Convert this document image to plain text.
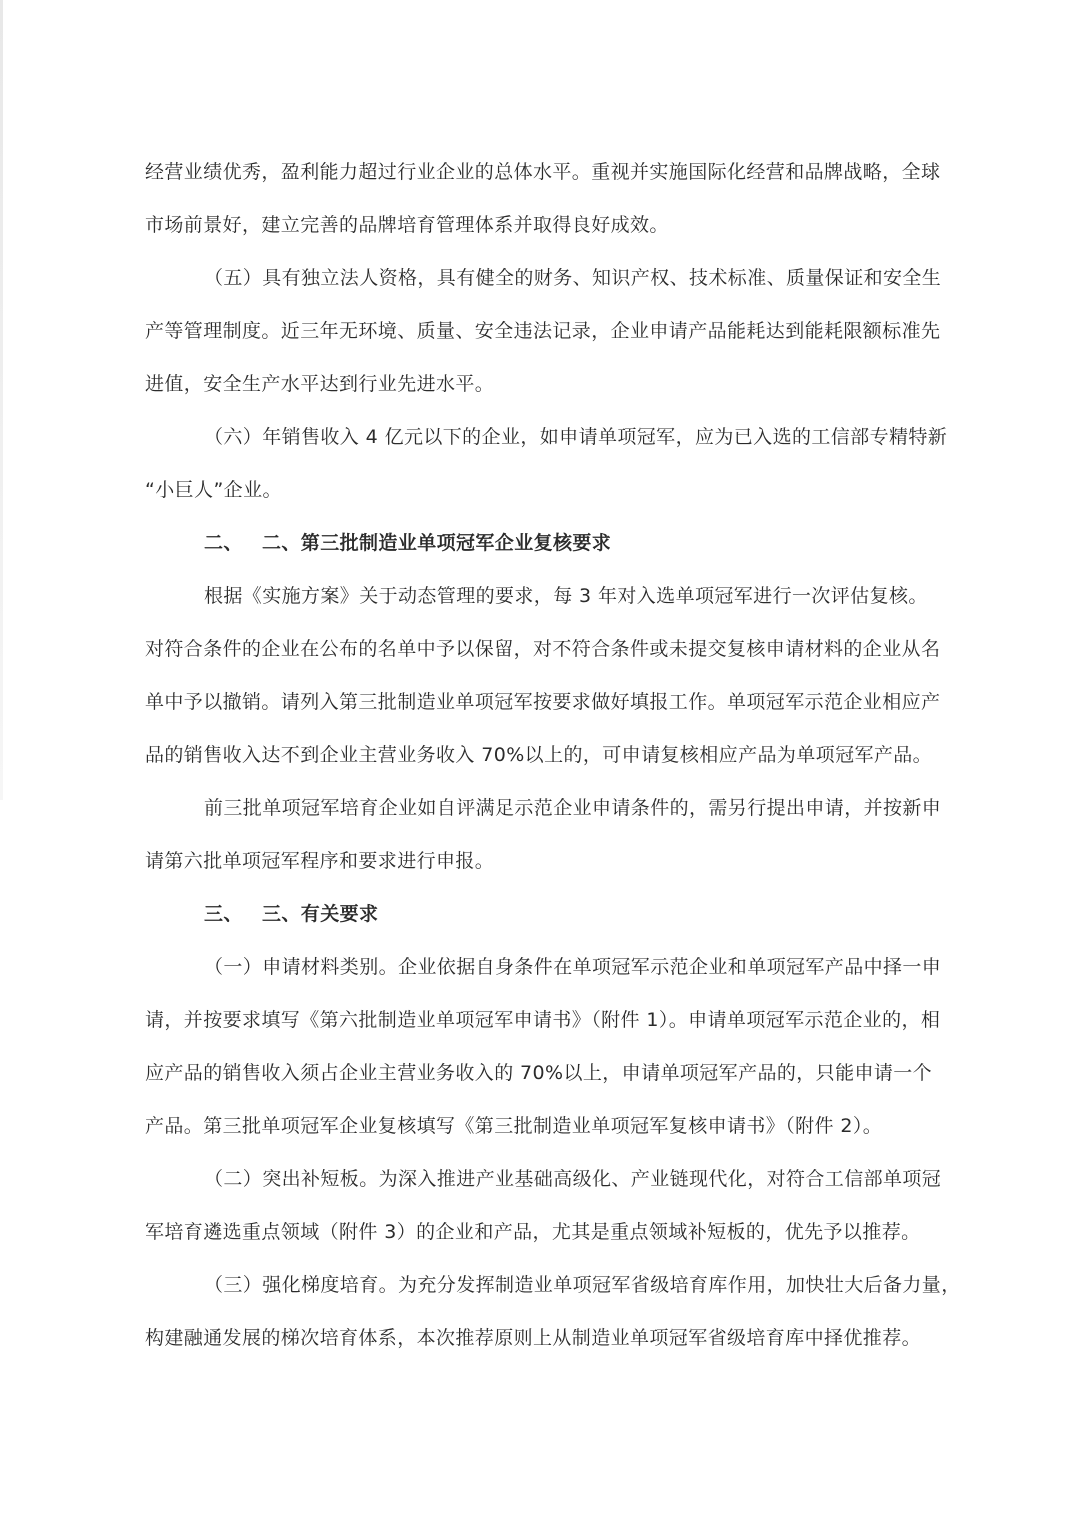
经营业绩优秀，盈利能力超过行业企业的总体水平。重视并实施国际化经营和品牌战略，全球
市场前景好，建立完善的品牌培育管理体系并取得良好成效。
（五）具有独立法人资格，具有健全的财务、知识产权、技术标准、质量保证和安全生
产等管理制度。近三年无环境、质量、安全违法记录，企业申请产品能耗达到能耗限额标准先
进值，安全生产水平达到行业先进水平。
（六）年销售收入 4 亿元以下的企业，如申请单项冠军，应为已入选的工信部专精特新
“小巨人”企业。
二、 二、第三批制造业单项冠军企业复核要求
根据《实施方案》关于动态管理的要求，每 3 年对入选单项冠军进行一次评估复核。
对符合条件的企业在公布的名单中予以保留，对不符合条件或未提交复核申请材料的企业从名
单中予以撤销。请列入第三批制造业单项冠军按要求做好填报工作。单项冠军示范企业相应产
品的销售收入达不到企业主营业务收入 70%以上的，可申请复核相应产品为单项冠军产品。
前三批单项冠军培育企业如自评满足示范企业申请条件的，需另行提出申请，并按新申
请第六批单项冠军程序和要求进行申报。
三、 三、有关要求
（一）申请材料类别。企业依据自身条件在单项冠军示范企业和单项冠军产品中择一申
请，并按要求填写《第六批制造业单项冠军申请书》（附件 1）。申请单项冠军示范企业的，相
应产品的销售收入须占企业主营业务收入的 70%以上，申请单项冠军产品的，只能申请一个
产品。第三批单项冠军企业复核填写《第三批制造业单项冠军复核申请书》（附件 2）。
（二）突出补短板。为深入推进产业基础高级化、产业链现代化，对符合工信部单项冠
军培育遴选重点领域（附件 3）的企业和产品，尤其是重点领域补短板的，优先予以推荐。
（三）强化梯度培育。为充分发挥制造业单项冠军省级培育库作用，加快壮大后备力量，
构建融通发展的梯次培育体系，本次推荐原则上从制造业单项冠军省级培育库中择优推荐。
